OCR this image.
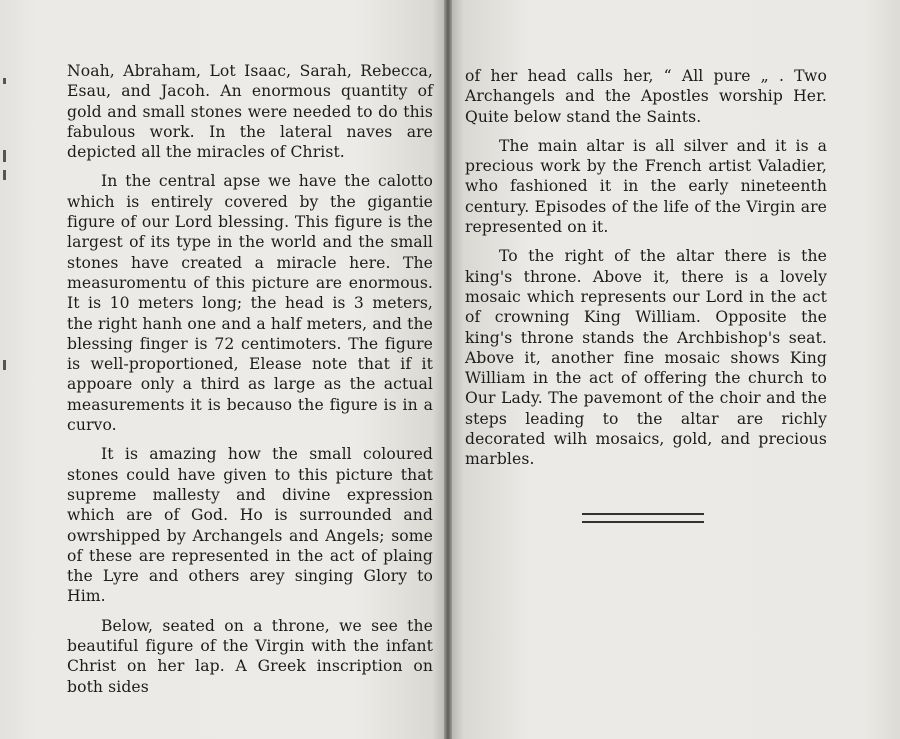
Noah, Abraham, Lot Isaac, Sarah, Rebecca, Esau, and Jacoh. An enormous quantity of gold and small stones were needed to do this fabulous work. In the lateral naves are depicted all the miracles of Christ.

In the central apse we have the calotto which is entirely covered by the gigantie figure of our Lord blessing. This figure is the largest of its type in the world and the small stones have created a miracle here. The measuromentu of this picture are enormous. It is 10 meters long; the head is 3 meters, the right hanh one and a half meters, and the blessing finger is 72 centimoters. The figure is well-proportioned, Elease note that if it appoare only a third as large as the actual measurements it is becauso the figure is in a curvo.

It is amazing how the small coloured stones could have given to this picture that supreme mallesty and divine expression which are of God. Ho is surrounded and owrshipped by Archangels and Angels; some of these are represented in the act of plaing the Lyre and others arey singing Glory to Him.

Below, seated on a throne, we see the beautiful figure of the Virgin with the infant Christ on her lap. A Greek inscription on both sides

of her head calls her, “ All pure „ . Two Archangels and the Apostles worship Her. Quite below stand the Saints.

The main altar is all silver and it is a precious work by the French artist Valadier, who fashioned it in the early nineteenth century. Episodes of the life of the Virgin are represented on it.

To the right of the altar there is the king's throne. Above it, there is a lovely mosaic which represents our Lord in the act of crowning King William. Opposite the king's throne stands the Archbishop's seat. Above it, another fine mosaic shows King William in the act of offering the church to Our Lady. The pavemont of the choir and the steps leading to the altar are richly decorated wilh mosaics, gold, and precious marbles.
